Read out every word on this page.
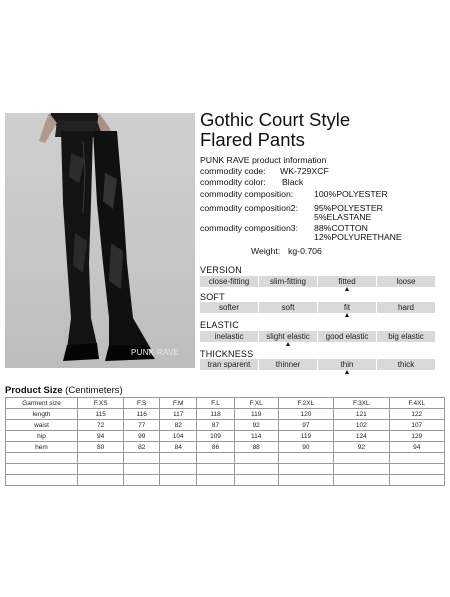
PUNK RAVE
Gothic Court Style
Flared Pants
PUNK RAVE product information
commodity code: WK-729XCF
commodity color: Black
commodity composition: 100%POLYESTER
commodity composition2: 95%POLYESTER
5%ELASTANE
commodity composition3: 88%COTTON
12%POLYURETHANE
Weight: kg-0.706
VERSION
close-fitting	slim-fitting	fitted	loose
SOFT
softer	soft	fit	hard
ELASTIC
inelastic	slight elastic	good elastic	big elastic
THICKNESS
tran sparent	thinner	thin	thick
Product Size (Centimeters)
Garment size	F.XS	F.S	F.M	F.L	F.XL	F.2XL	F.3XL	F.4XL
length	115	116	117	118	119	120	121	122
waist	72	77	82	87	92	97	102	107
hip	94	99	104	109	114	119	124	129
hem	80	82	84	86	88	90	92	94
